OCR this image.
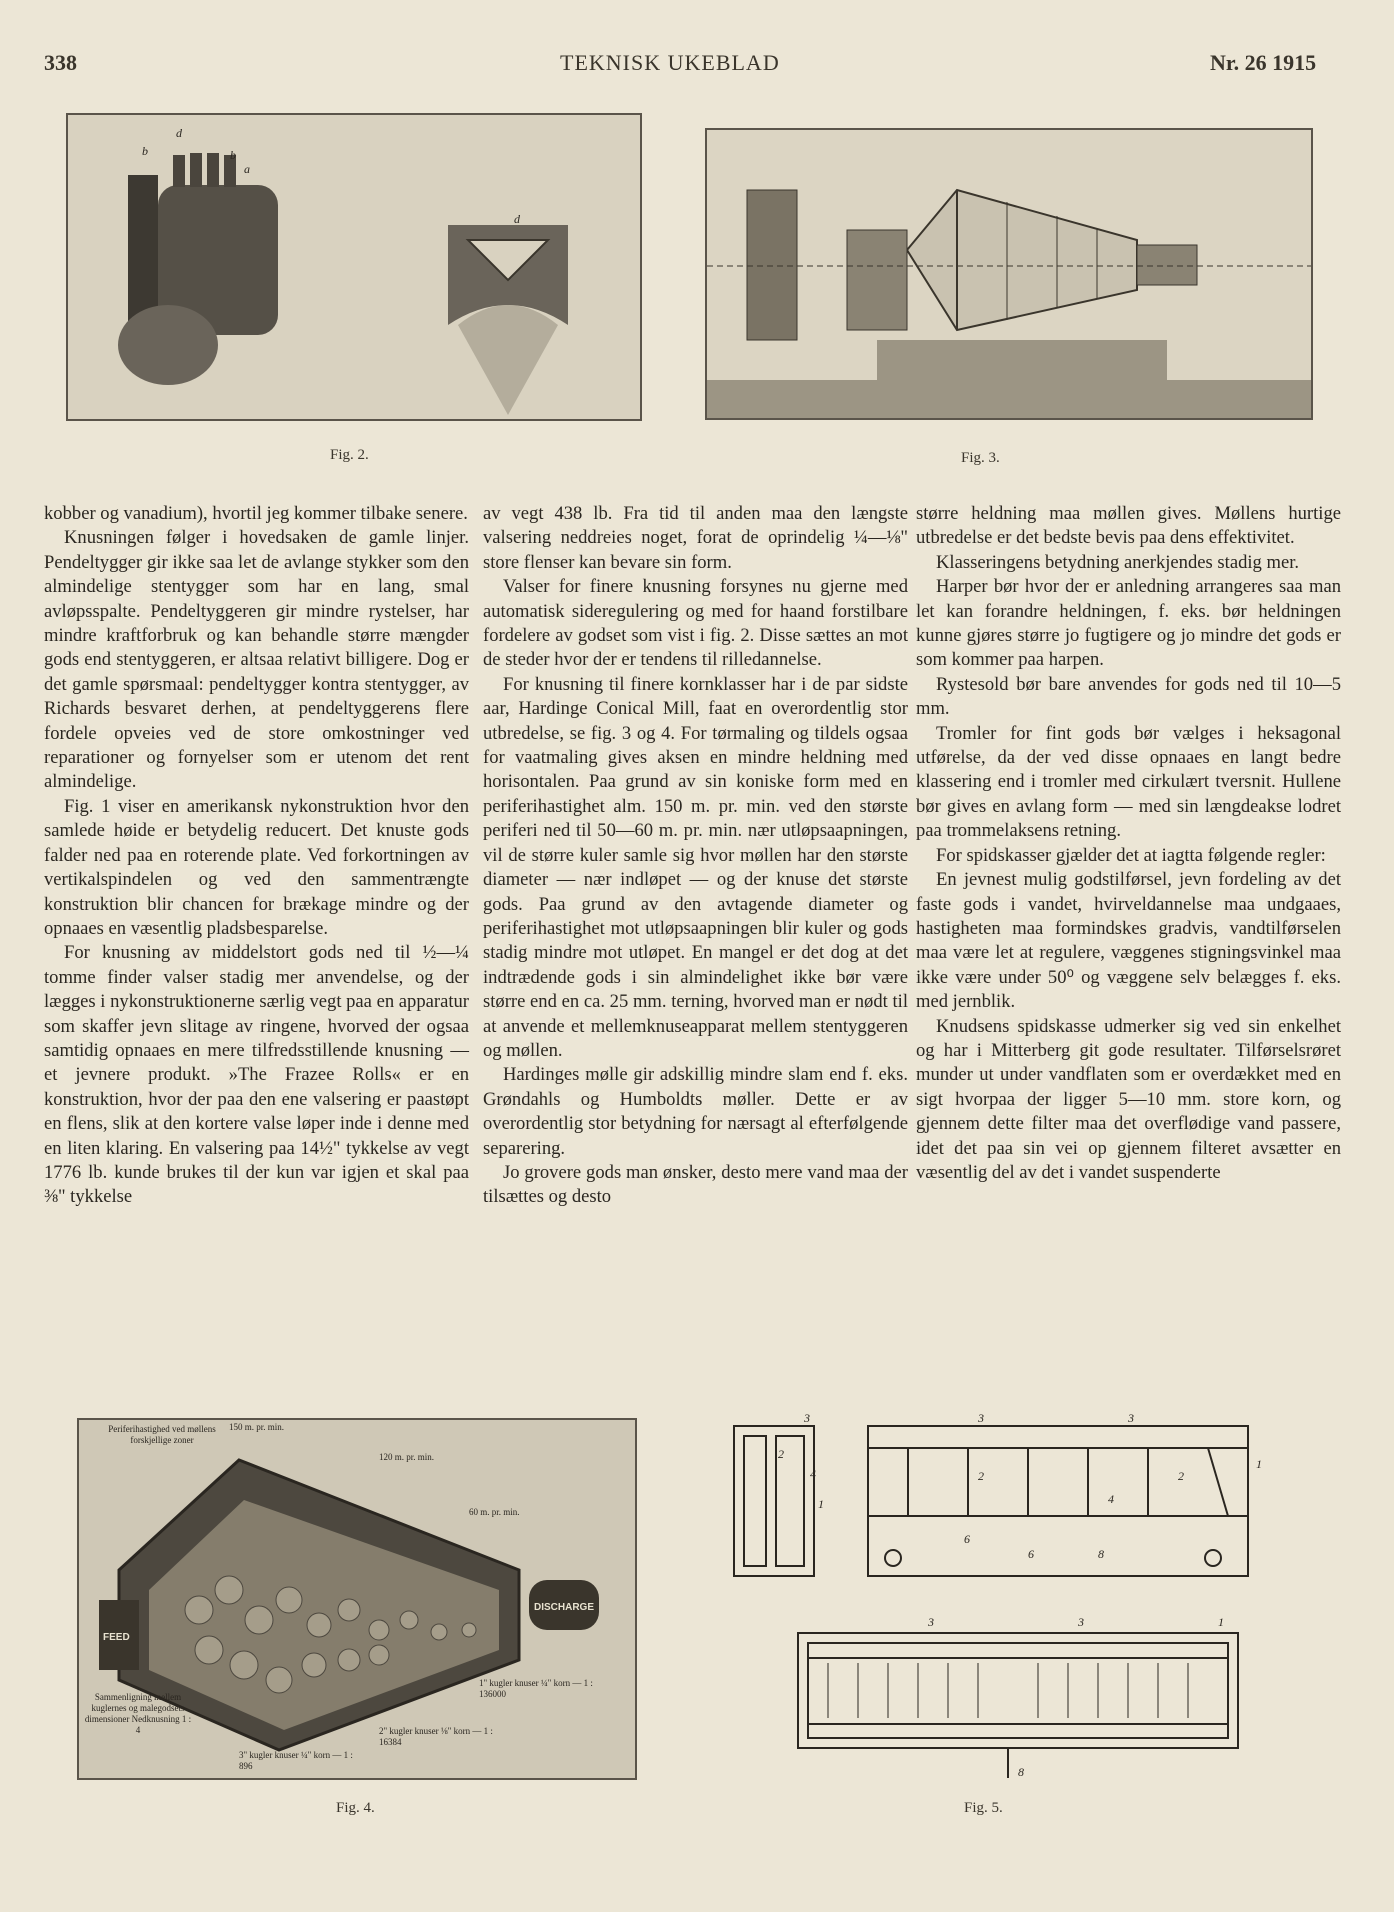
338	TEKNISK UKEBLAD	Nr. 26 1915
d
b	b
a
d
Fig. 2.	Fig. 3.

kobber og vanadium), hvortil jeg kommer tilbake senere.

Knusningen følger i hovedsaken de gamle linjer. Pendeltygger gir ikke saa let de avlange stykker som den almindelige stentygger som har en lang, smal avløpsspalte. Pendeltyggeren gir mindre rystelser, har mindre kraftforbruk og kan behandle større mængder gods end stentyggeren, er altsaa relativt billigere. Dog er det gamle spørsmaal: pendeltygger kontra stentygger, av Richards besvaret derhen, at pendeltyggerens flere fordele opveies ved de store omkostninger ved reparationer og fornyelser som er utenom det rent almindelige.

Fig. 1 viser en amerikansk nykonstruktion hvor den samlede høide er betydelig reducert. Det knuste gods falder ned paa en roterende plate. Ved forkortningen av vertikalspindelen og ved den sammentrængte konstruktion blir chancen for brækage mindre og der opnaaes en væsentlig pladsbesparelse.

For knusning av middelstort gods ned til ½—¼ tomme finder valser stadig mer anvendelse, og der lægges i nykonstruktionerne særlig vegt paa en apparatur som skaffer jevn slitage av ringene, hvorved der ogsaa samtidig opnaaes en mere tilfredsstillende knusning — et jevnere produkt. »The Frazee Rolls« er en konstruktion, hvor der paa den ene valsering er paastøpt en flens, slik at den kortere valse løper inde i denne med en liten klaring. En valsering paa 14½" tykkelse av vegt 1776 lb. kunde brukes til der kun var igjen et skal paa ⅜" tykkelse

av vegt 438 lb. Fra tid til anden maa den længste valsering neddreies noget, forat de oprindelig ¼—⅛" store flenser kan bevare sin form.

Valser for finere knusning forsynes nu gjerne med automatisk sideregulering og med for haand forstilbare fordelere av godset som vist i fig. 2. Disse sættes an mot de steder hvor der er tendens til rilledannelse.

For knusning til finere kornklasser har i de par sidste aar, Hardinge Conical Mill, faat en overordentlig stor utbredelse, se fig. 3 og 4. For tørmaling og tildels ogsaa for vaatmaling gives aksen en mindre heldning med horisontalen. Paa grund av sin koniske form med en periferihastighet alm. 150 m. pr. min. ved den største periferi ned til 50—60 m. pr. min. nær utløpsaapningen, vil de større kuler samle sig hvor møllen har den største diameter — nær indløpet — og der knuse det største gods. Paa grund av den avtagende diameter og periferihastighet mot utløpsaapningen blir kuler og gods stadig mindre mot utløpet. En mangel er det dog at det indtrædende gods i sin almindelighet ikke bør være større end en ca. 25 mm. terning, hvorved man er nødt til at anvende et mellemknuseapparat mellem stentyggeren og møllen.

Hardinges mølle gir adskillig mindre slam end f. eks. Grøndahls og Humboldts møller. Dette er av overordentlig stor betydning for nærsagt al efterfølgende separering.

Jo grovere gods man ønsker, desto mere vand maa der tilsættes og desto

større heldning maa møllen gives. Møllens hurtige utbredelse er det bedste bevis paa dens effektivitet.

Klasseringens betydning anerkjendes stadig mer.

Harper bør hvor der er anledning arrangeres saa man let kan forandre heldningen, f. eks. bør heldningen kunne gjøres større jo fugtigere og jo mindre det gods er som kommer paa harpen.

Rystesold bør bare anvendes for gods ned til 10—5 mm.

Tromler for fint gods bør vælges i heksagonal utførelse, da der ved disse opnaaes en langt bedre klassering end i tromler med cirkulært tversnit. Hullene bør gives en avlang form — med sin længdeakse lodret paa trommelaksens retning.

For spidskasser gjælder det at iagtta følgende regler:

En jevnest mulig godstilførsel, jevn fordeling av det faste gods i vandet, hvirveldannelse maa undgaaes, hastigheten maa formindskes gradvis, vandtilførselen maa være let at regulere, væggenes stigningsvinkel maa ikke være under 50⁰ og væggene selv belægges f. eks. med jernblik.

Knudsens spidskasse udmerker sig ved sin enkelhet og har i Mitterberg git gode resultater. Tilførselsrøret munder ut under vandflaten som er overdækket med en sigt hvorpaa der ligger 5—10 mm. store korn, og gjennem dette filter maa det overflødige vand passere, idet det paa sin vei op gjennem filteret avsætter en væsentlig del av det i vandet suspenderte

FEED
DISCHARGE
150 m. pr. min.
120 m. pr. min.
60 m. pr. min.
Periferihastighed ved møllens forskjellige zoner
Sammenligning mellem kuglernes og malegodsets dimensioner Nedknusning 1 : 4
1" kugler knuser ¼" korn — 1 : 136000
2" kugler knuser ⅛" korn — 1 : 16384
3" kugler knuser ¼" korn — 1 : 896
Fig. 4.
3
2
4
1
3	3
2	2
4
1
6
6	8
3	3	1
8
Fig. 5.
